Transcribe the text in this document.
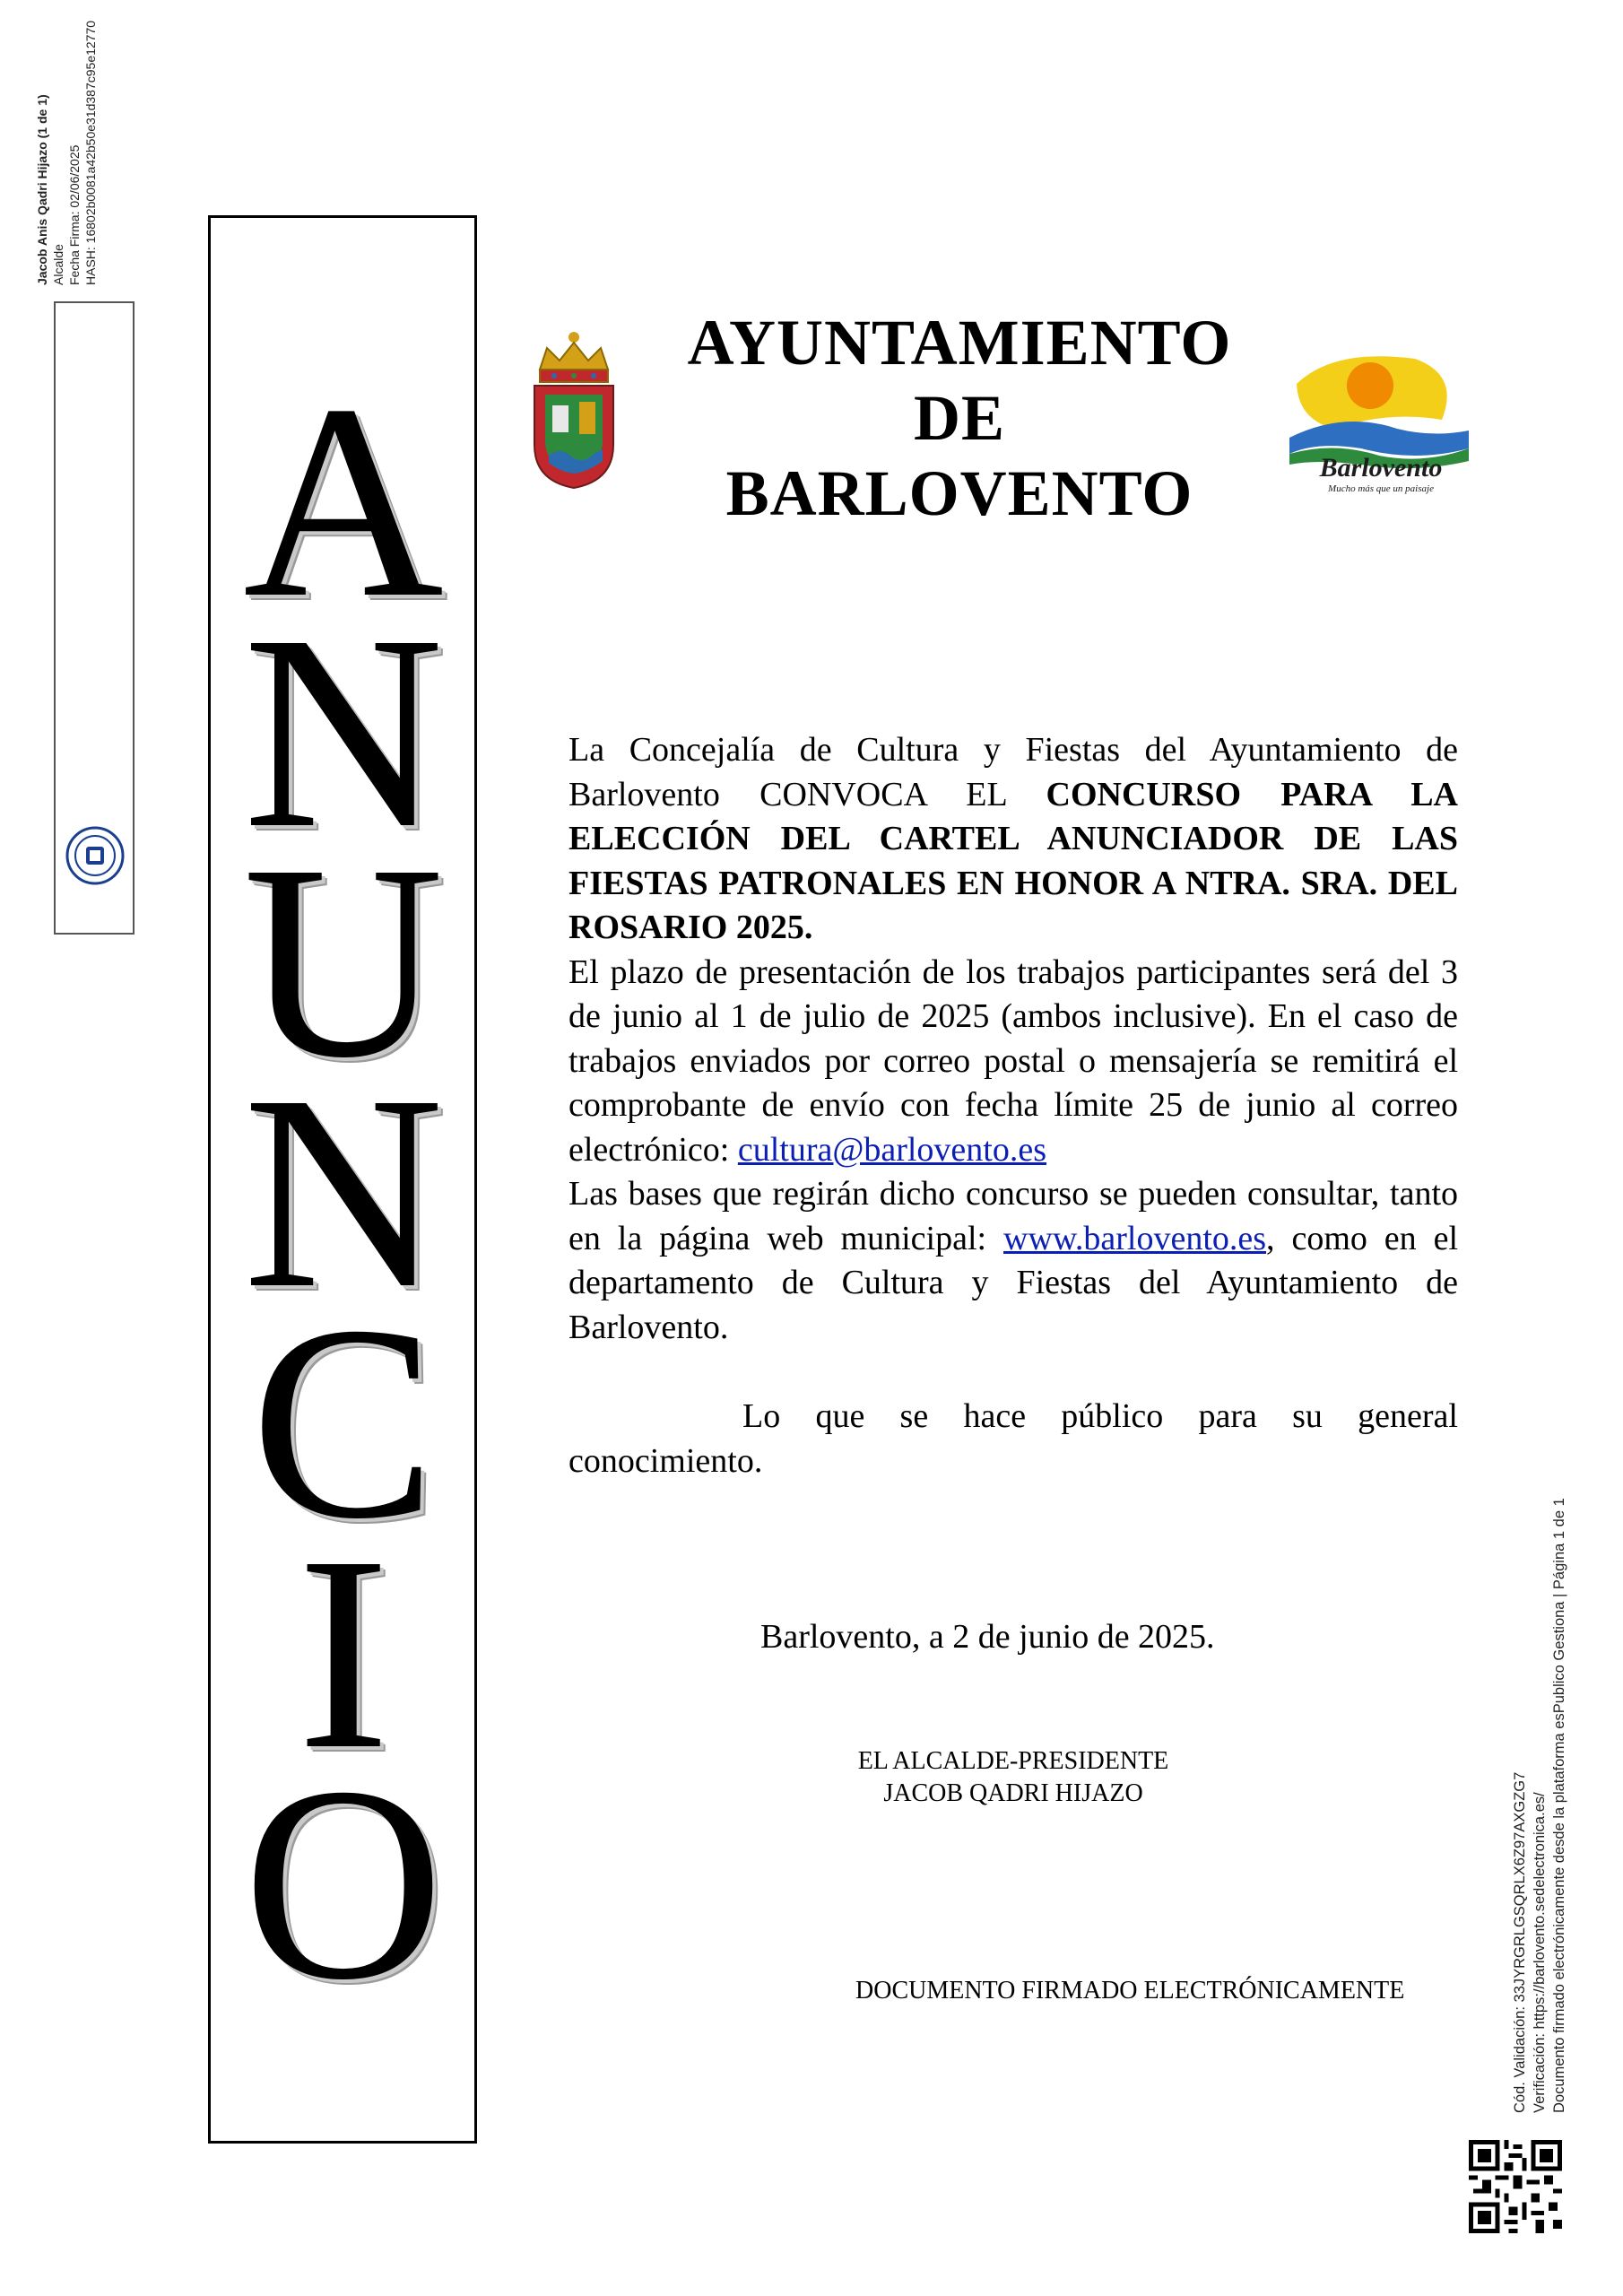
Jacob Anis Qadri Hijazo (1 de 1) Alcalde Fecha Firma: 02/06/2025 HASH: 16802b0081a42b50e31d387c95e12770
A
N
U
N
C
I
O
AYUNTAMIENTO
DE
BARLOVENTO	Barlovento
Mucho más que un paisaje

La Concejalía de Cultura y Fiestas del Ayuntamiento de Barlovento CONVOCA EL CONCURSO PARA LA ELECCIÓN DEL CARTEL ANUNCIADOR DE LAS FIESTAS PATRONALES EN HONOR A NTRA. SRA. DEL ROSARIO 2025.

El plazo de presentación de los trabajos participantes será del 3 de junio al 1 de julio de 2025 (ambos inclusive). En el caso de trabajos enviados por correo postal o mensajería se remitirá el comprobante de envío con fecha límite 25 de junio al correo electrónico: cultura@barlovento.es

Las bases que regirán dicho concurso se pueden consultar, tanto en la página web municipal: www.barlovento.es, como en el departamento de Cultura y Fiestas del Ayuntamiento de Barlovento.

Lo que se hace público para su general conocimiento.

Barlovento, a 2 de junio de 2025.
EL ALCALDE-PRESIDENTE
JACOB QADRI HIJAZO
DOCUMENTO FIRMADO ELECTRÓNICAMENTE	Cód. Validación: 33JYRGRLGSQRLX6Z97AXGZG7 Verificación: https://barlovento.sedelectronica.es/ Documento firmado electrónicamente desde la plataforma esPublico Gestiona | Página 1 de 1
